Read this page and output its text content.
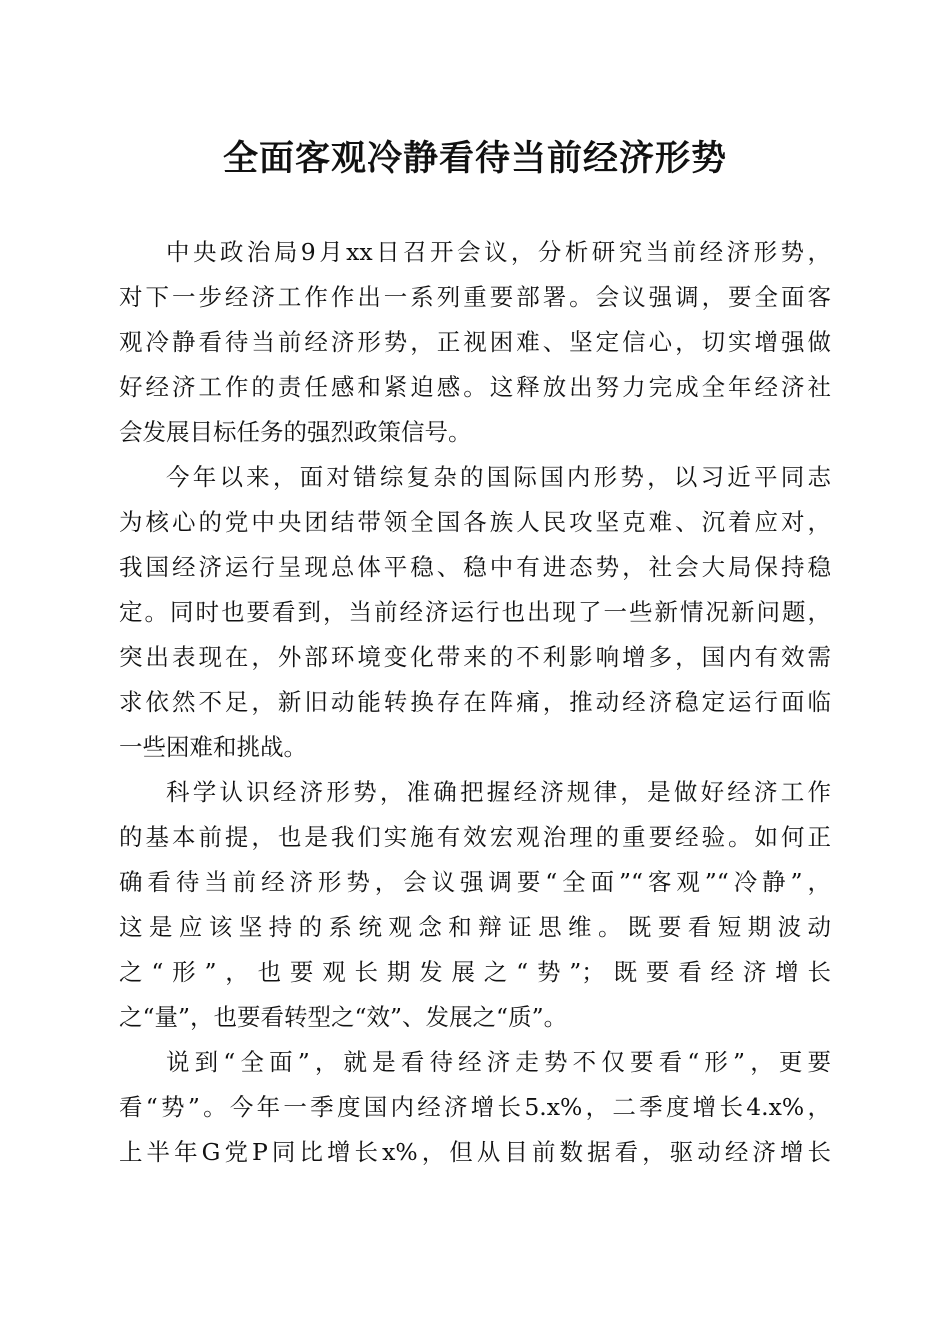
全面客观冷静看待当前经济形势
中央政治局9月xx日召开会议，分析研究当前经济形势，
对下一步经济工作作出一系列重要部署。会议强调，要全面客
观冷静看待当前经济形势，正视困难、坚定信心，切实增强做
好经济工作的责任感和紧迫感。这释放出努力完成全年经济社
会发展目标任务的强烈政策信号。
今年以来，面对错综复杂的国际国内形势，以习近平同志
为核心的党中央团结带领全国各族人民攻坚克难、沉着应对，
我国经济运行呈现总体平稳、稳中有进态势，社会大局保持稳
定。同时也要看到，当前经济运行也出现了一些新情况新问题，
突出表现在，外部环境变化带来的不利影响增多，国内有效需
求依然不足，新旧动能转换存在阵痛，推动经济稳定运行面临
一些困难和挑战。
科学认识经济形势，准确把握经济规律，是做好经济工作
的基本前提，也是我们实施有效宏观治理的重要经验。如何正
确看待当前经济形势，会议强调要“全面”“客观”“冷静”，
这是应该坚持的系统观念和辩证思维。既要看短期波动
之“形”，也要观长期发展之“势”；既要看经济增长
之“量”，也要看转型之“效”、发展之“质”。
说到“全面”，就是看待经济走势不仅要看“形”，更要
看“势”。今年一季度国内经济增长5.x%，二季度增长4.x%，
上半年G党P同比增长x%，但从目前数据看，驱动经济增长
